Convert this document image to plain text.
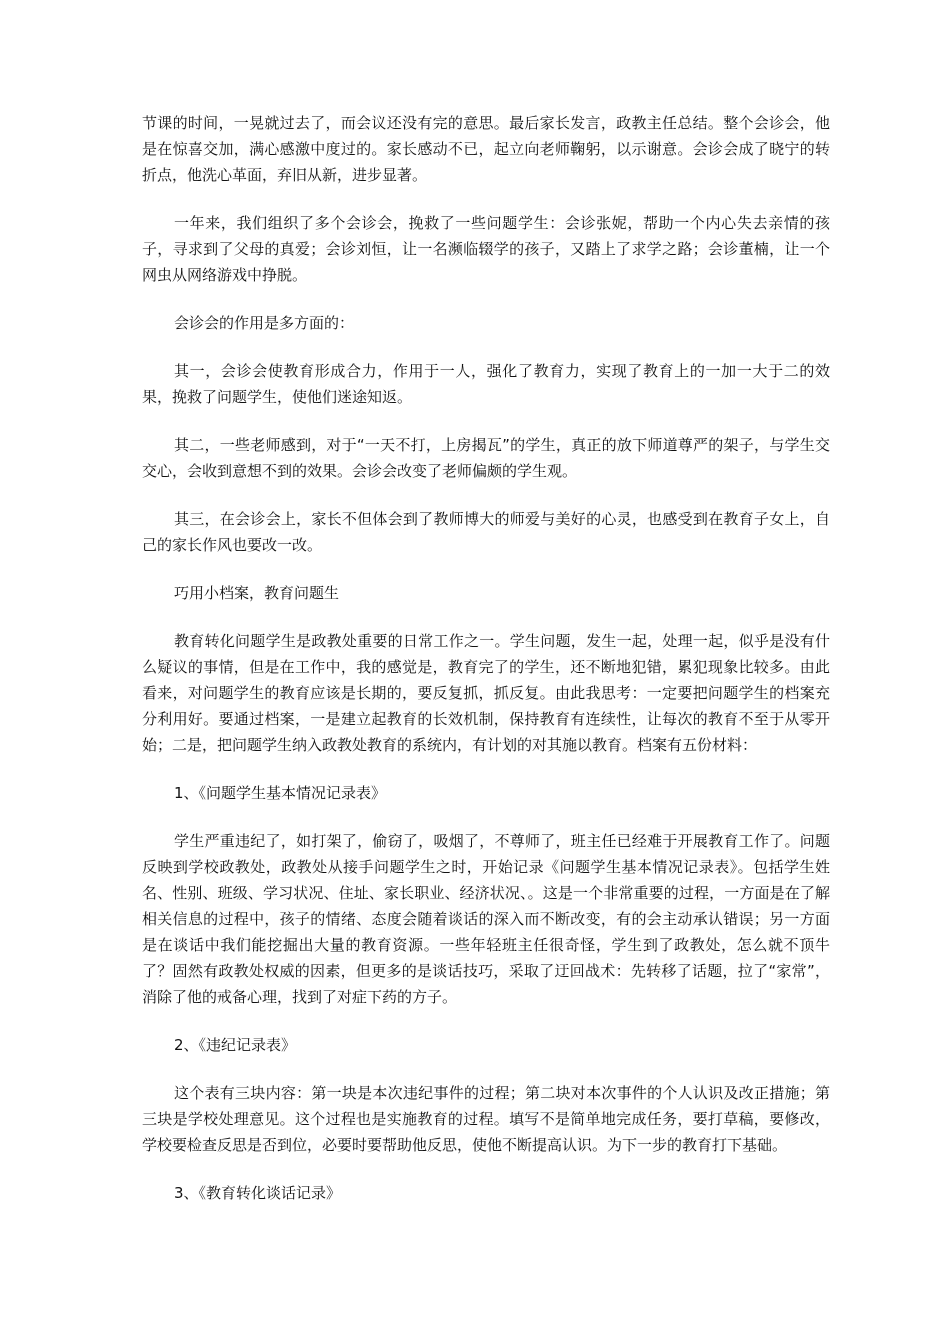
节课的时间，一晃就过去了，而会议还没有完的意思。最后家长发言，政教主任总结。整个会诊会，他是在惊喜交加，满心感激中度过的。家长感动不已，起立向老师鞠躬，以示谢意。会诊会成了晓宁的转折点，他洗心革面，弃旧从新，进步显著。

一年来，我们组织了多个会诊会，挽救了一些问题学生：会诊张妮，帮助一个内心失去亲情的孩子，寻求到了父母的真爱；会诊刘恒，让一名濒临辍学的孩子，又踏上了求学之路；会诊董楠，让一个网虫从网络游戏中挣脱。

会诊会的作用是多方面的：

其一，会诊会使教育形成合力，作用于一人，强化了教育力，实现了教育上的一加一大于二的效果，挽救了问题学生，使他们迷途知返。

其二，一些老师感到，对于“一天不打，上房揭瓦”的学生，真正的放下师道尊严的架子，与学生交交心，会收到意想不到的效果。会诊会改变了老师偏颇的学生观。

其三，在会诊会上，家长不但体会到了教师博大的师爱与美好的心灵，也感受到在教育子女上，自己的家长作风也要改一改。

巧用小档案，教育问题生

教育转化问题学生是政教处重要的日常工作之一。学生问题，发生一起，处理一起，似乎是没有什么疑议的事情，但是在工作中，我的感觉是，教育完了的学生，还不断地犯错，累犯现象比较多。由此看来，对问题学生的教育应该是长期的，要反复抓，抓反复。由此我思考：一定要把问题学生的档案充分利用好。要通过档案，一是建立起教育的长效机制，保持教育有连续性，让每次的教育不至于从零开始；二是，把问题学生纳入政教处教育的系统内，有计划的对其施以教育。档案有五份材料：

1、《问题学生基本情况记录表》

学生严重违纪了，如打架了，偷窃了，吸烟了，不尊师了，班主任已经难于开展教育工作了。问题反映到学校政教处，政教处从接手问题学生之时，开始记录《问题学生基本情况记录表》。包括学生姓名、性别、班级、学习状况、住址、家长职业、经济状况、。这是一个非常重要的过程，一方面是在了解相关信息的过程中，孩子的情绪、态度会随着谈话的深入而不断改变，有的会主动承认错误；另一方面是在谈话中我们能挖掘出大量的教育资源。一些年轻班主任很奇怪，学生到了政教处，怎么就不顶牛了？固然有政教处权威的因素，但更多的是谈话技巧，采取了迂回战术：先转移了话题，拉了“家常”，消除了他的戒备心理，找到了对症下药的方子。

2、《违纪记录表》

这个表有三块内容：第一块是本次违纪事件的过程；第二块对本次事件的个人认识及改正措施；第三块是学校处理意见。这个过程也是实施教育的过程。填写不是简单地完成任务，要打草稿，要修改，学校要检查反思是否到位，必要时要帮助他反思，使他不断提高认识。为下一步的教育打下基础。

3、《教育转化谈话记录》
